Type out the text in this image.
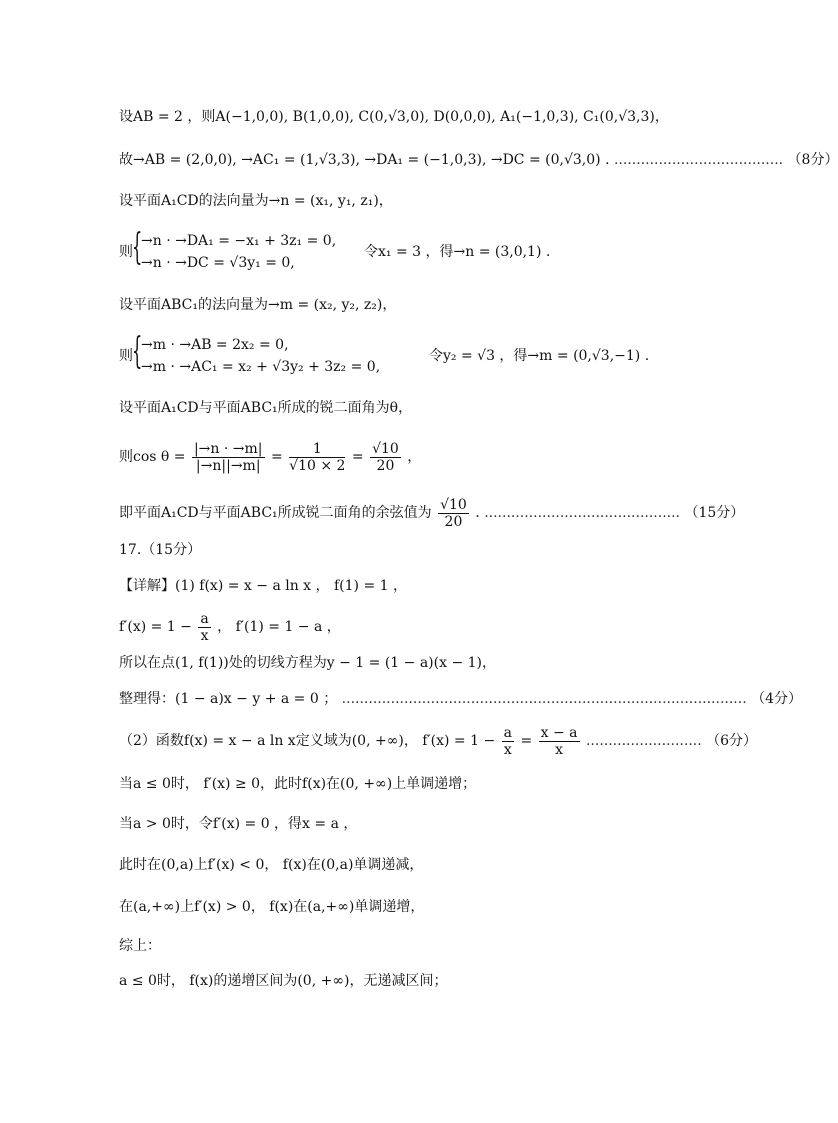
设AB = 2 ，则A(−1,0,0), B(1,0,0), C(0,√3,0), D(0,0,0), A₁(−1,0,3), C₁(0,√3,3)，
故→AB = (2,0,0), →AC₁ = (1,√3,3), →DA₁ = (−1,0,3), →DC = (0,√3,0) . ...................................... （8分）
设平面A₁CD的法向量为→n = (x₁, y₁, z₁)，
则 {
→n · →DA₁ = −x₁ + 3z₁ = 0,
→n · →DC = √3y₁ = 0,
令x₁ = 3 ，得→n = (3,0,1) .
设平面ABC₁的法向量为→m = (x₂, y₂, z₂)，
则 {
→m · →AB = 2x₂ = 0,
→m · →AC₁ = x₂ + √3y₂ + 3z₂ = 0,
令y₂ = √3 ，得→m = (0,√3,−1) .
设平面A₁CD与平面ABC₁所成的锐二面角为θ，
则$\cos \theta = \frac{|\to n \cdot \to m|}{|\to n||\to m|} = \frac{1}{√10 \times 2} = \frac{√10}{20}$ ，
即平面A₁CD与平面ABC₁所成锐二面角的余弦值为 $\frac{√10}{20}$ . ............................................ （15分）
17.（15分）
【详解】(1) f(x) = x − a ln x ， f(1) = 1 ，
$f'(x) = 1 - \frac{a}{x}$ ， f′(1) = 1 − a ，
所以在点(1, f(1))处的切线方程为y − 1 = (1 − a)(x − 1)，
整理得：(1 − a)x − y + a = 0 ； ........................................................................................... （4分）
（2）函数f(x) = x − a ln x定义域为(0, +∞)， $f'(x) = 1 - \frac{a}{x} = \frac{x - a}{x}$ .......................... （6分）
当a ≤ 0时， f′(x) ≥ 0，此时f(x)在(0, +∞)上单调递增；
当a > 0时，令f′(x) = 0 ，得x = a ，
此时在(0,a)上f′(x) < 0， f(x)在(0,a)单调递减，
在(a,+∞)上f′(x) > 0， f(x)在(a,+∞)单调递增，
综上：
a ≤ 0时， f(x)的递增区间为(0, +∞)，无递减区间；
